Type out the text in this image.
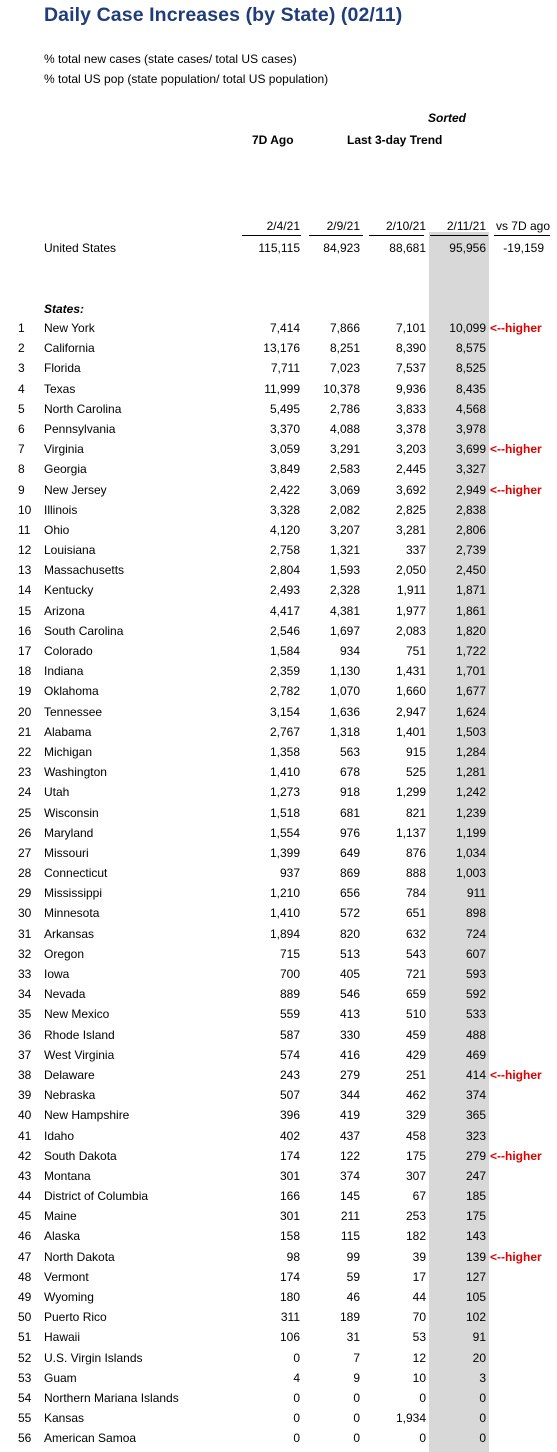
Daily Case Increases (by State) (02/11)
% total new cases (state cases/ total US cases)
% total US pop (state population/ total US population)
Sorted
7D Ago	Last 3-day Trend
2/4/21 2/9/21 2/10/21 2/11/21 vs 7D ago
United States	115,115 84,923 88,681 95,956 -19,159
States:
1 New York	7,414 7,866	7,101 10,099 <--higher
2 California	13,176 8,251	8,390 8,575
3 Florida	7,711 7,023	7,537 8,525
4 Texas	11,999 10,378	9,936 8,435
5 North Carolina	5,495 2,786	3,833 4,568
6 Pennsylvania	3,370 4,088	3,378 3,978
7 Virginia	3,059 3,291	3,203 3,699 <--higher
8 Georgia	3,849 2,583	2,445 3,327
9 New Jersey	2,422 3,069	3,692 2,949 <--higher
10 Illinois	3,328 2,082	2,825 2,838
11 Ohio	4,120 3,207	3,281 2,806
12 Louisiana	2,758 1,321	337 2,739
13 Massachusetts	2,804 1,593	2,050 2,450
14 Kentucky	2,493 2,328	1,911 1,871
15 Arizona	4,417 4,381	1,977 1,861
16 South Carolina	2,546 1,697	2,083 1,820
17 Colorado	1,584	934	751 1,722
18 Indiana	2,359 1,130	1,431 1,701
19 Oklahoma	2,782 1,070	1,660 1,677
20 Tennessee	3,154 1,636	2,947 1,624
21 Alabama	2,767 1,318	1,401 1,503
22 Michigan	1,358	563	915 1,284
23 Washington	1,410	678	525 1,281
24 Utah	1,273	918	1,299 1,242
25 Wisconsin	1,518	681	821 1,239
26 Maryland	1,554	976	1,137 1,199
27 Missouri	1,399	649	876 1,034
28 Connecticut	937	869	888 1,003
29 Mississippi	1,210	656	784	911
30 Minnesota	1,410	572	651	898
31 Arkansas	1,894	820	632	724
32 Oregon	715	513	543	607
33 Iowa	700	405	721	593
34 Nevada	889	546	659	592
35 New Mexico	559	413	510	533
36 Rhode Island	587	330	459	488
37 West Virginia	574	416	429	469
38 Delaware	243	279	251	414 <--higher
39 Nebraska	507	344	462	374
40 New Hampshire	396	419	329	365
41 Idaho	402	437	458	323
42 South Dakota	174	122	175	279 <--higher
43 Montana	301	374	307	247
44 District of Columbia	166	145	67	185
45 Maine	301	211	253	175
46 Alaska	158	115	182	143
47 North Dakota	98	99	39	139 <--higher
48 Vermont	174	59	17	127
49 Wyoming	180	46	44	105
50 Puerto Rico	311	189	70	102
51 Hawaii	106	31	53	91
52 U.S. Virgin Islands	0	7	12	20
53 Guam	4	9	10	3
54 Northern Mariana Islands	0	0	0	0
55 Kansas	0	0	1,934	0
56 American Samoa	0	0	0	0
